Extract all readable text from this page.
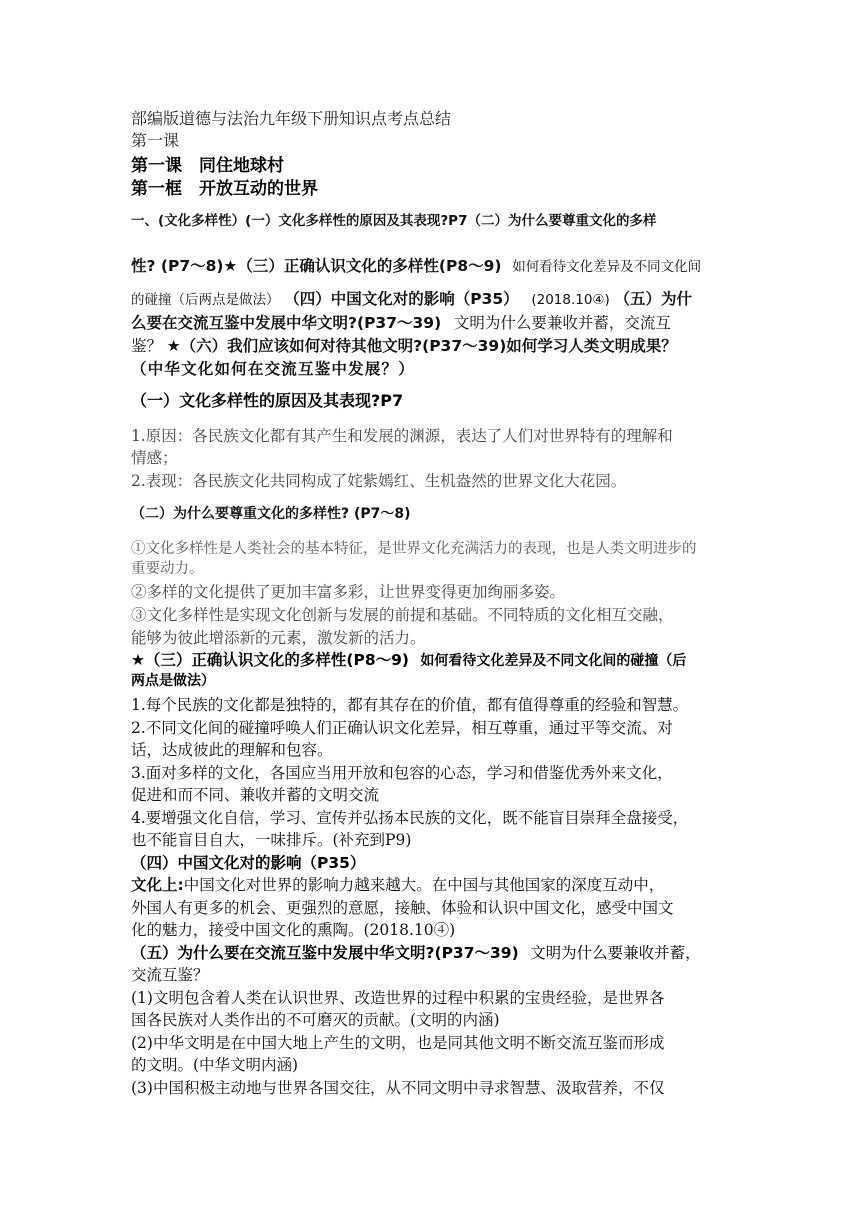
部编版道德与法治九年级下册知识点考点总结

第一课

第一课　同住地球村

第一框　开放互动的世界

一、(文化多样性）(一）文化多样性的原因及其表现?P7（二）为什么要尊重文化的多样

性? (P7～8)★（三）正确认识文化的多样性(P8～9) 如何看待文化差异及不同文化间

的碰撞（后两点是做法） （四）中国文化对的影响（P35） (2018.10④) （五）为什

么要在交流互鉴中发展中华文明?(P37～39) 文明为什么要兼收并蓄，交流互

鉴？ ★（六）我们应该如何对待其他文明?(P37～39)如何学习人类文明成果？

（中华文化如何在交流互鉴中发展？）

（一）文化多样性的原因及其表现?P7

1.原因：各民族文化都有其产生和发展的渊源，表达了人们对世界特有的理解和

情感；

2.表现：各民族文化共同构成了姹紫嫣红、生机盎然的世界文化大花园。

（二）为什么要尊重文化的多样性? (P7～8)

①文化多样性是人类社会的基本特征，是世界文化充满活力的表现，也是人类文明进步的

重要动力。

②多样的文化提供了更加丰富多彩，让世界变得更加绚丽多姿。

③文化多样性是实现文化创新与发展的前提和基础。不同特质的文化相互交融，

能够为彼此增添新的元素，激发新的活力。

★（三）正确认识文化的多样性(P8～9) 如何看待文化差异及不同文化间的碰撞（后

两点是做法）

1.每个民族的文化都是独特的，都有其存在的价值，都有值得尊重的经验和智慧。

2.不同文化间的碰撞呼唤人们正确认识文化差异，相互尊重，通过平等交流、对

话，达成彼此的理解和包容。

3.面对多样的文化，各国应当用开放和包容的心态，学习和借鉴优秀外来文化，

促进和而不同、兼收并蓄的文明交流

4.要增强文化自信，学习、宣传并弘扬本民族的文化，既不能盲目崇拜全盘接受，

也不能盲目自大，一味排斥。(补充到P9)

（四）中国文化对的影响（P35）

文化上:中国文化对世界的影响力越来越大。在中国与其他国家的深度互动中，

外国人有更多的机会、更强烈的意愿，接触、体验和认识中国文化，感受中国文

化的魅力，接受中国文化的熏陶。(2018.10④)

（五）为什么要在交流互鉴中发展中华文明?(P37～39) 文明为什么要兼收并蓄，

交流互鉴？

(1)文明包含着人类在认识世界、改造世界的过程中积累的宝贵经验，是世界各

国各民族对人类作出的不可磨灭的贡献。(文明的内涵)

(2)中华文明是在中国大地上产生的文明，也是同其他文明不断交流互鉴而形成

的文明。(中华文明内涵)

(3)中国积极主动地与世界各国交往，从不同文明中寻求智慧、汲取营养，不仅
